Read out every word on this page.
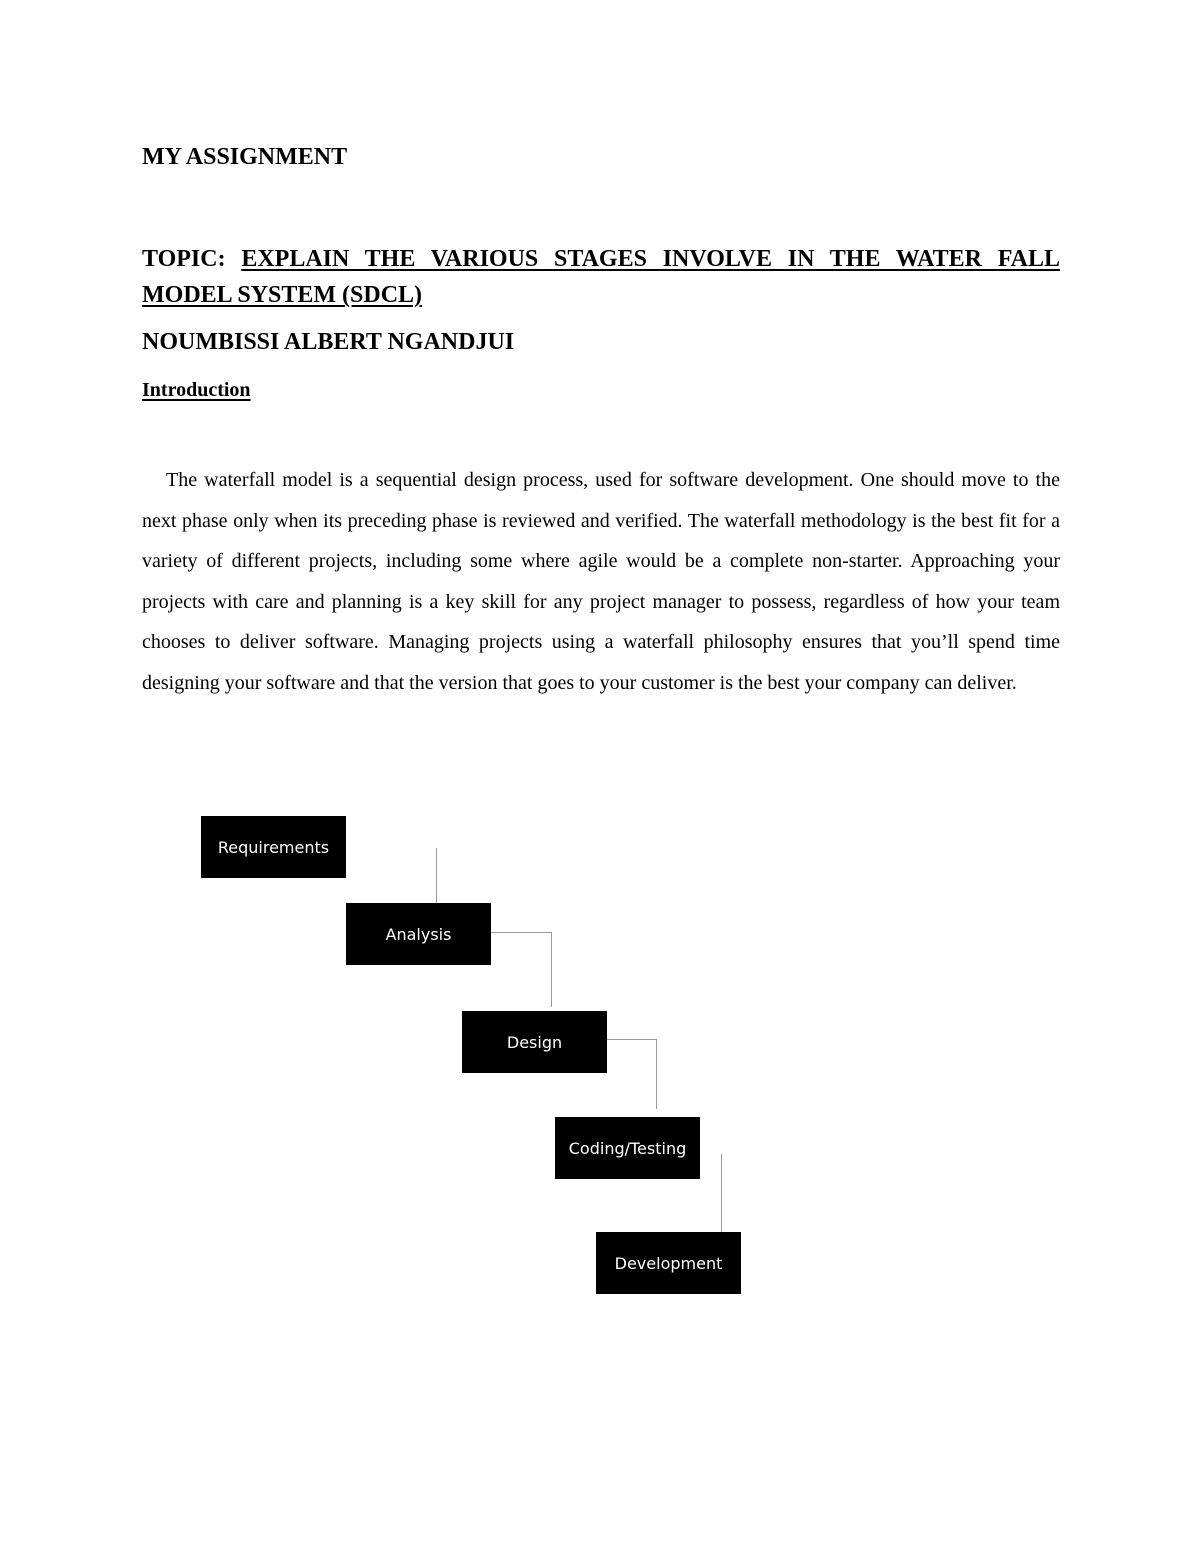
MY ASSIGNMENT

TOPIC: EXPLAIN THE VARIOUS STAGES INVOLVE IN THE WATER FALL MODEL SYSTEM (SDCL)

NOUMBISSI ALBERT NGANDJUI

Introduction

The waterfall model is a sequential design process, used for software development. One should move to the next phase only when its preceding phase is reviewed and verified. The waterfall methodology is the best fit for a variety of different projects, including some where agile would be a complete non-starter. Approaching your projects with care and planning is a key skill for any project manager to possess, regardless of how your team chooses to deliver software. Managing projects using a waterfall philosophy ensures that you’ll spend time designing your software and that the version that goes to your customer is the best your company can deliver.

Requirements
Analysis
Design
Coding/Testing
Development
